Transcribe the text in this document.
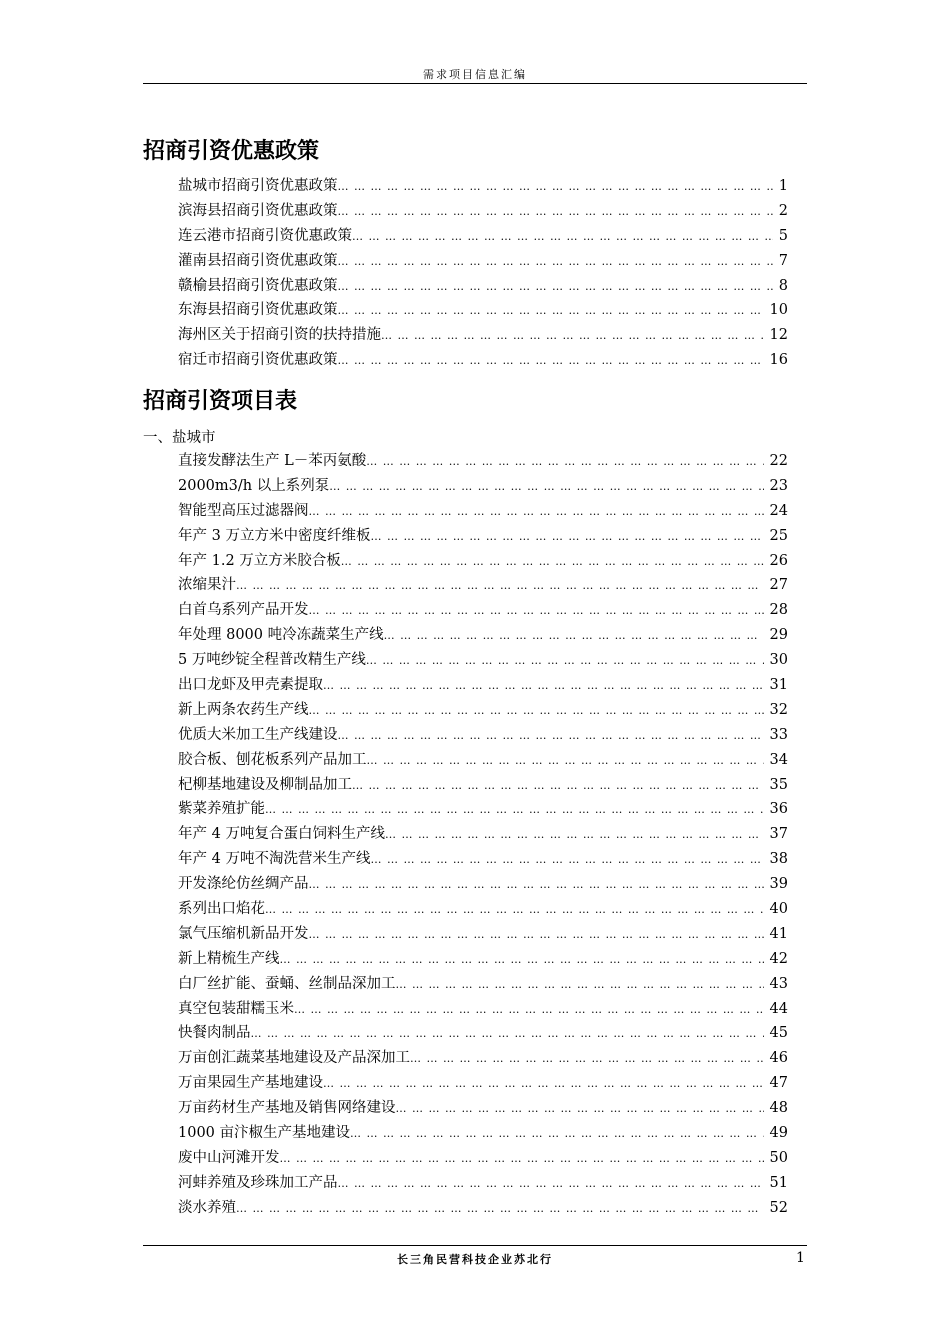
需求项目信息汇编
招商引资优惠政策
盐城市招商引资优惠政策 … … … … … … … … … … … … … … … … … … … … … … … … … … … … … … … … … … … … … … … … … … … … … … … … … … … … … …	1
滨海县招商引资优惠政策 … … … … … … … … … … … … … … … … … … … … … … … … … … … … … … … … … … … … … … … … … … … … … … … … … … … … … …	2
连云港市招商引资优惠政策 … … … … … … … … … … … … … … … … … … … … … … … … … … … … … … … … … … … … … … … … … … … … … … … … … … … … … …	5
灌南县招商引资优惠政策 … … … … … … … … … … … … … … … … … … … … … … … … … … … … … … … … … … … … … … … … … … … … … … … … … … … … … …	7
赣榆县招商引资优惠政策 … … … … … … … … … … … … … … … … … … … … … … … … … … … … … … … … … … … … … … … … … … … … … … … … … … … … … …	8
东海县招商引资优惠政策 … … … … … … … … … … … … … … … … … … … … … … … … … … … … … … … … … … … … … … … … … … … … … … … … … … … … … …	10
海州区关于招商引资的扶持措施 … … … … … … … … … … … … … … … … … … … … … … … … … … … … … … … … … … … … … … … … … … … … … … … … … … … … … …	12
宿迁市招商引资优惠政策 … … … … … … … … … … … … … … … … … … … … … … … … … … … … … … … … … … … … … … … … … … … … … … … … … … … … … …	16
招商引资项目表
一、盐城市
直接发酵法生产 L－苯丙氨酸 … … … … … … … … … … … … … … … … … … … … … … … … … … … … … … … … … … … … … … … … … … … … … … … … … … … … … …	22
2000m3/h 以上系列泵 … … … … … … … … … … … … … … … … … … … … … … … … … … … … … … … … … … … … … … … … … … … … … … … … … … … … … …	23
智能型高压过滤器阀 … … … … … … … … … … … … … … … … … … … … … … … … … … … … … … … … … … … … … … … … … … … … … … … … … … … … … …	24
年产 3 万立方米中密度纤维板 … … … … … … … … … … … … … … … … … … … … … … … … … … … … … … … … … … … … … … … … … … … … … … … … … … … … … …	25
年产 1.2 万立方米胶合板 … … … … … … … … … … … … … … … … … … … … … … … … … … … … … … … … … … … … … … … … … … … … … … … … … … … … … …	26
浓缩果汁 … … … … … … … … … … … … … … … … … … … … … … … … … … … … … … … … … … … … … … … … … … … … … … … … … … … … … …	27
白首乌系列产品开发 … … … … … … … … … … … … … … … … … … … … … … … … … … … … … … … … … … … … … … … … … … … … … … … … … … … … … …	28
年处理 8000 吨冷冻蔬菜生产线 … … … … … … … … … … … … … … … … … … … … … … … … … … … … … … … … … … … … … … … … … … … … … … … … … … … … … …	29
5 万吨纱锭全程普改精生产线 … … … … … … … … … … … … … … … … … … … … … … … … … … … … … … … … … … … … … … … … … … … … … … … … … … … … … …	30
出口龙虾及甲壳素提取 … … … … … … … … … … … … … … … … … … … … … … … … … … … … … … … … … … … … … … … … … … … … … … … … … … … … … …	31
新上两条农药生产线 … … … … … … … … … … … … … … … … … … … … … … … … … … … … … … … … … … … … … … … … … … … … … … … … … … … … … …	32
优质大米加工生产线建设 … … … … … … … … … … … … … … … … … … … … … … … … … … … … … … … … … … … … … … … … … … … … … … … … … … … … … …	33
胶合板、刨花板系列产品加工 … … … … … … … … … … … … … … … … … … … … … … … … … … … … … … … … … … … … … … … … … … … … … … … … … … … … … …	34
杞柳基地建设及柳制品加工 … … … … … … … … … … … … … … … … … … … … … … … … … … … … … … … … … … … … … … … … … … … … … … … … … … … … … …	35
紫菜养殖扩能 … … … … … … … … … … … … … … … … … … … … … … … … … … … … … … … … … … … … … … … … … … … … … … … … … … … … … …	36
年产 4 万吨复合蛋白饲料生产线 … … … … … … … … … … … … … … … … … … … … … … … … … … … … … … … … … … … … … … … … … … … … … … … … … … … … … …	37
年产 4 万吨不淘洗营米生产线 … … … … … … … … … … … … … … … … … … … … … … … … … … … … … … … … … … … … … … … … … … … … … … … … … … … … … …	38
开发涤纶仿丝绸产品 … … … … … … … … … … … … … … … … … … … … … … … … … … … … … … … … … … … … … … … … … … … … … … … … … … … … … …	39
系列出口焰花 … … … … … … … … … … … … … … … … … … … … … … … … … … … … … … … … … … … … … … … … … … … … … … … … … … … … … …	40
氯气压缩机新品开发 … … … … … … … … … … … … … … … … … … … … … … … … … … … … … … … … … … … … … … … … … … … … … … … … … … … … … …	41
新上精梳生产线 … … … … … … … … … … … … … … … … … … … … … … … … … … … … … … … … … … … … … … … … … … … … … … … … … … … … … …	42
白厂丝扩能、蚕蛹、丝制品深加工 … … … … … … … … … … … … … … … … … … … … … … … … … … … … … … … … … … … … … … … … … … … … … … … … … … … … … …	43
真空包装甜糯玉米 … … … … … … … … … … … … … … … … … … … … … … … … … … … … … … … … … … … … … … … … … … … … … … … … … … … … … …	44
快餐肉制品 … … … … … … … … … … … … … … … … … … … … … … … … … … … … … … … … … … … … … … … … … … … … … … … … … … … … … …	45
万亩创汇蔬菜基地建设及产品深加工 … … … … … … … … … … … … … … … … … … … … … … … … … … … … … … … … … … … … … … … … … … … … … … … … … … … … … …	46
万亩果园生产基地建设 … … … … … … … … … … … … … … … … … … … … … … … … … … … … … … … … … … … … … … … … … … … … … … … … … … … … … …	47
万亩药材生产基地及销售网络建设 … … … … … … … … … … … … … … … … … … … … … … … … … … … … … … … … … … … … … … … … … … … … … … … … … … … … … …	48
1000 亩汴椒生产基地建设 … … … … … … … … … … … … … … … … … … … … … … … … … … … … … … … … … … … … … … … … … … … … … … … … … … … … … …	49
废中山河滩开发 … … … … … … … … … … … … … … … … … … … … … … … … … … … … … … … … … … … … … … … … … … … … … … … … … … … … … …	50
河蚌养殖及珍珠加工产品 … … … … … … … … … … … … … … … … … … … … … … … … … … … … … … … … … … … … … … … … … … … … … … … … … … … … … …	51
淡水养殖 … … … … … … … … … … … … … … … … … … … … … … … … … … … … … … … … … … … … … … … … … … … … … … … … … … … … … …	52
长三角民营科技企业苏北行	1
